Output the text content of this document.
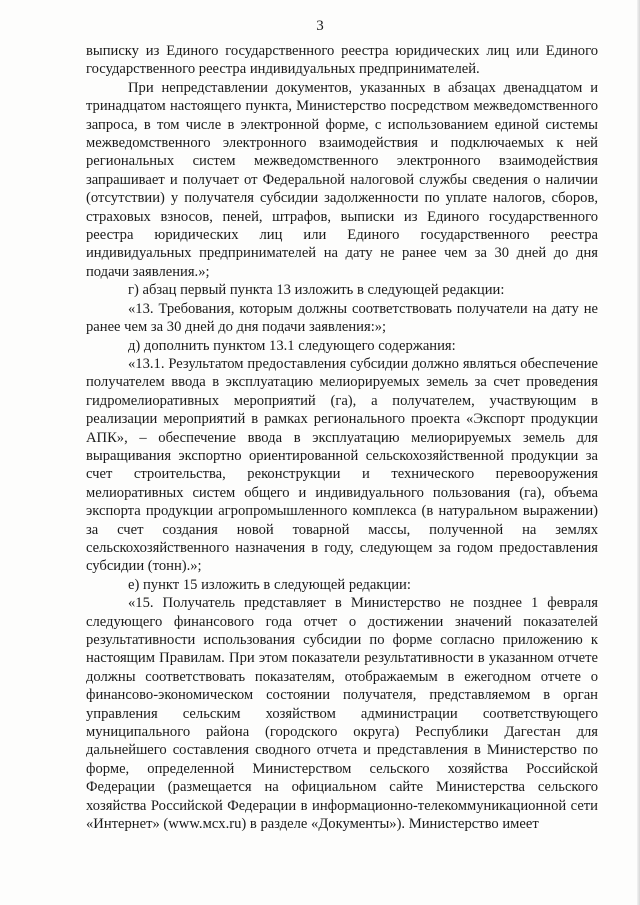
3

выписку из Единого государственного реестра юридических лиц или Единого государственного реестра индивидуальных предпринимателей.

При непредставлении документов, указанных в абзацах двенадцатом и тринадцатом настоящего пункта, Министерство посредством межведомственного запроса, в том числе в электронной форме, с использованием единой системы межведомственного электронного взаимодействия и подключаемых к ней региональных систем межведомственного электронного взаимодействия запрашивает и получает от Федеральной налоговой службы сведения о наличии (отсутствии) у получателя субсидии задолженности по уплате налогов, сборов, страховых взносов, пеней, штрафов, выписки из Единого государственного реестра юридических лиц или Единого государственного реестра индивидуальных предпринимателей на дату не ранее чем за 30 дней до дня подачи заявления.»;

г) абзац первый пункта 13 изложить в следующей редакции:

«13. Требования, которым должны соответствовать получатели на дату не ранее чем за 30 дней до дня подачи заявления:»;

д) дополнить пунктом 13.1 следующего содержания:

«13.1. Результатом предоставления субсидии должно являться обеспечение получателем ввода в эксплуатацию мелиорируемых земель за счет проведения гидромелиоративных мероприятий (га), а получателем, участвующим в реализации мероприятий в рамках регионального проекта «Экспорт продукции АПК», – обеспечение ввода в эксплуатацию мелиорируемых земель для выращивания экспортно ориентированной сельскохозяйственной продукции за счет строительства, реконструкции и технического перевооружения мелиоративных систем общего и индивидуального пользования (га), объема экспорта продукции агропромышленного комплекса (в натуральном выражении) за счет создания новой товарной массы, полученной на землях сельскохозяйственного назначения в году, следующем за годом предоставления субсидии (тонн).»;

е) пункт 15 изложить в следующей редакции:

«15. Получатель представляет в Министерство не позднее 1 февраля следующего финансового года отчет о достижении значений показателей результативности использования субсидии по форме согласно приложению к настоящим Правилам. При этом показатели результативности в указанном отчете должны соответствовать показателям, отображаемым в ежегодном отчете о финансово-экономическом состоянии получателя, представляемом в орган управления сельским хозяйством администрации соответствующего муниципального района (городского округа) Республики Дагестан для дальнейшего составления сводного отчета и представления в Министерство по форме, определенной Министерством сельского хозяйства Российской Федерации (размещается на официальном сайте Министерства сельского хозяйства Российской Федерации в информационно-телекоммуникационной сети «Интернет» (www.мcx.ru) в разделе «Документы»). Министерство имеет
